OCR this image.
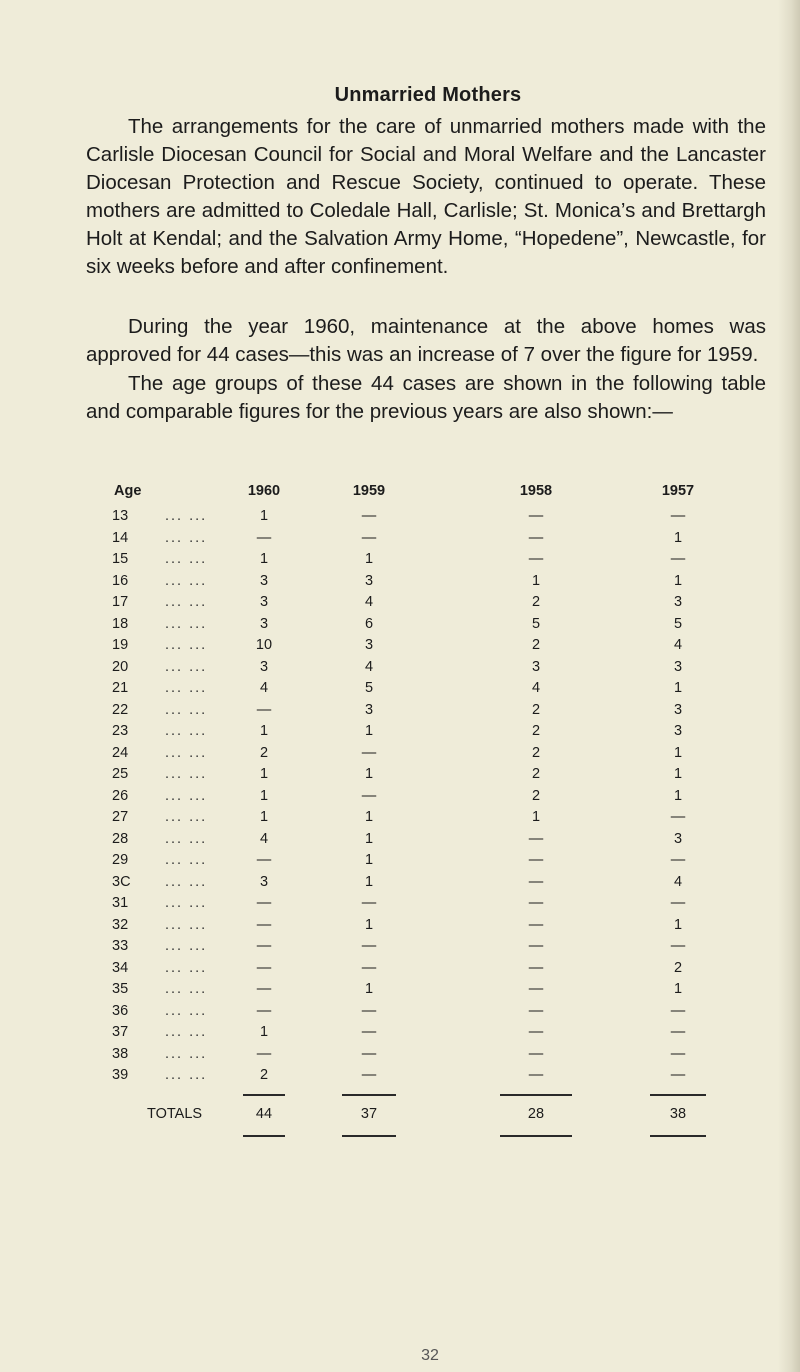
Unmarried Mothers

The arrangements for the care of unmarried mothers made with the Carlisle Diocesan Council for Social and Moral Welfare and the Lancaster Diocesan Protection and Rescue Society, continued to operate. These mothers are admitted to Coledale Hall, Carlisle; St. Monica’s and Brettargh Holt at Kendal; and the Salvation Army Home, “Hopedene”, Newcastle, for six weeks before and after confinement.

During the year 1960, maintenance at the above homes was approved for 44 cases—this was an increase of 7 over the figure for 1959.

The age groups of these 44 cases are shown in the following table and comparable figures for the previous years are also shown:—

Age	1960	1959	1958	1957
13	... ...	1	—	—	—
14	... ...	—	—	—	1
15	... ...	1	1	—	—
16	... ...	3	3	1	1
17	... ...	3	4	2	3
18	... ...	3	6	5	5
19	... ...	10	3	2	4
20	... ...	3	4	3	3
21	... ...	4	5	4	1
22	... ...	—	3	2	3
23	... ...	1	1	2	3
24	... ...	2	—	2	1
25	... ...	1	1	2	1
26	... ...	1	—	2	1
27	... ...	1	1	1	—
28	... ...	4	1	—	3
29	... ...	—	1	—	—
3C	... ...	3	1	—	4
31	... ...	—	—	—	—
32	... ...	—	1	—	1
33	... ...	—	—	—	—
34	... ...	—	—	—	2
35	... ...	—	1	—	1
36	... ...	—	—	—	—
37	... ...	1	—	—	—
38	... ...	—	—	—	—
39	... ...	2	—	—	—
TOTALS	44	37	28	38
32
